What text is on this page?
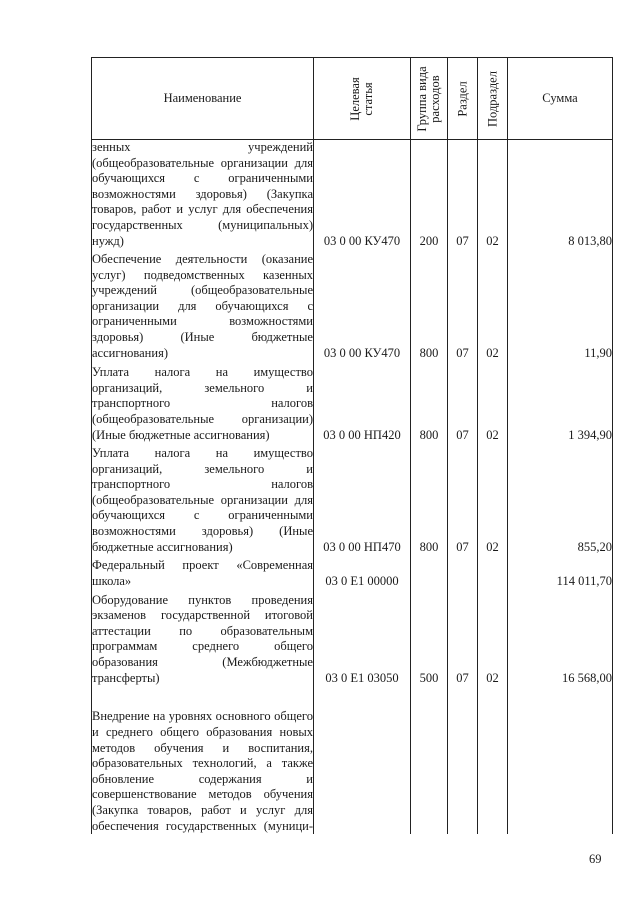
Наименование	Целевая статья	Группа вида расходов	Раздел	Подраздел	Сумма
зенных учреждений (общеобразовательные организации для обучающихся с ограниченными возможностями здоровья) (Закупка товаров, работ и услуг для обеспечения государственных (муниципальных) нужд)	03 0 00 КУ470	200	07	02	8 013,80
Обеспечение деятельности (оказание услуг) подведомственных казенных учреждений (общеобразовательные организации для обучающихся с ограниченными возможностями здоровья) (Иные бюджетные ассигнования)	03 0 00 КУ470	800	07	02	11,90
Уплата налога на имущество организаций, земельного и транспортного налогов (общеобразовательные организации) (Иные бюджетные ассигнования)	03 0 00 НП420	800	07	02	1 394,90
Уплата налога на имущество организаций, земельного и транспортного налогов (общеобразовательные организации для обучающихся с ограниченными возможностями здоровья) (Иные бюджетные ассигнования)	03 0 00 НП470	800	07	02	855,20
Федеральный проект «Современная школа»	03 0 Е1 00000				114 011,70
Оборудование пунктов проведения экзаменов государственной итоговой аттестации по образовательным программам среднего общего образования (Межбюджетные трансферты)	03 0 Е1 03050	500	07	02	16 568,00
Внедрение на уровнях основного общего и среднего общего образования новых методов обучения и воспитания, образовательных технологий, а также обновление содержания и совершенствование методов обучения (Закупка товаров, работ и услуг для обеспечения государственных (муници-					
69
